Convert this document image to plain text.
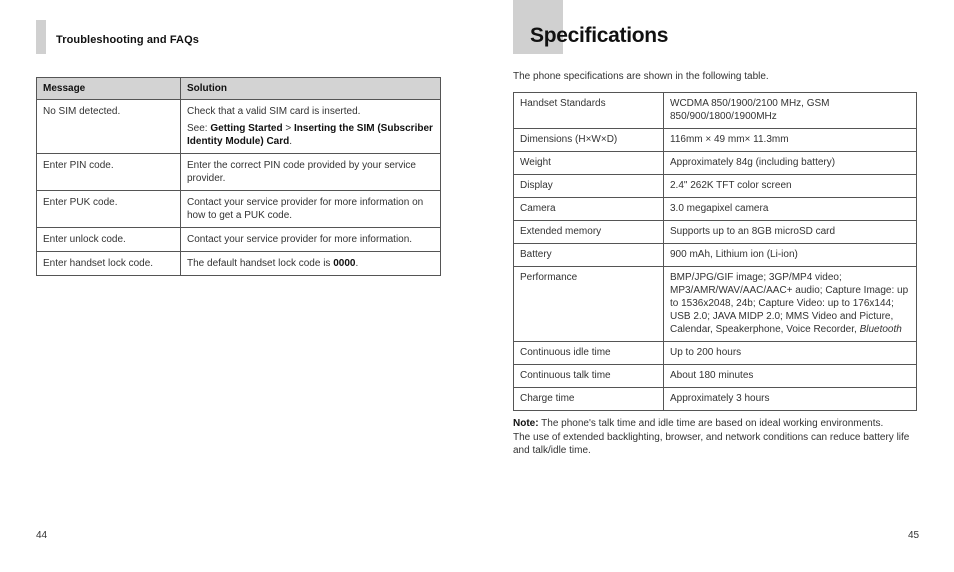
Troubleshooting and FAQs
Message	Solution
No SIM detected.	Check that a valid SIM card is inserted.
See: Getting Started > Inserting the SIM (Subscriber Identity Module) Card.

Enter PIN code.	Enter the correct PIN code provided by your service provider.
Enter PUK code.	Contact your service provider for more information on how to get a PUK code.
Enter unlock code.	Contact your service provider for more information.
Enter handset lock code.	The default handset lock code is 0000.
44
Specifications
The phone specifications are shown in the following table.
Handset Standards	WCDMA 850/1900/2100 MHz, GSM 850/900/1800/1900MHz
Dimensions (H×W×D)	116mm × 49 mm× 11.3mm
Weight	Approximately 84g (including battery)
Display	2.4" 262K TFT color screen
Camera	3.0 megapixel camera
Extended memory	Supports up to an 8GB microSD card
Battery	900 mAh, Lithium ion (Li-ion)
Performance	BMP/JPG/GIF image; 3GP/MP4 video; MP3/AMR/WAV/AAC/AAC+ audio; Capture Image: up to 1536x2048, 24b; Capture Video: up to 176x144; USB 2.0; JAVA MIDP 2.0; MMS Video and Picture, Calendar, Speakerphone, Voice Recorder, Bluetooth
Continuous idle time	Up to 200 hours
Continuous talk time	About 180 minutes
Charge time	Approximately 3 hours
Note: The phone's talk time and idle time are based on ideal working environments.
The use of extended backlighting, browser, and network conditions can reduce battery life and talk/idle time.
45
